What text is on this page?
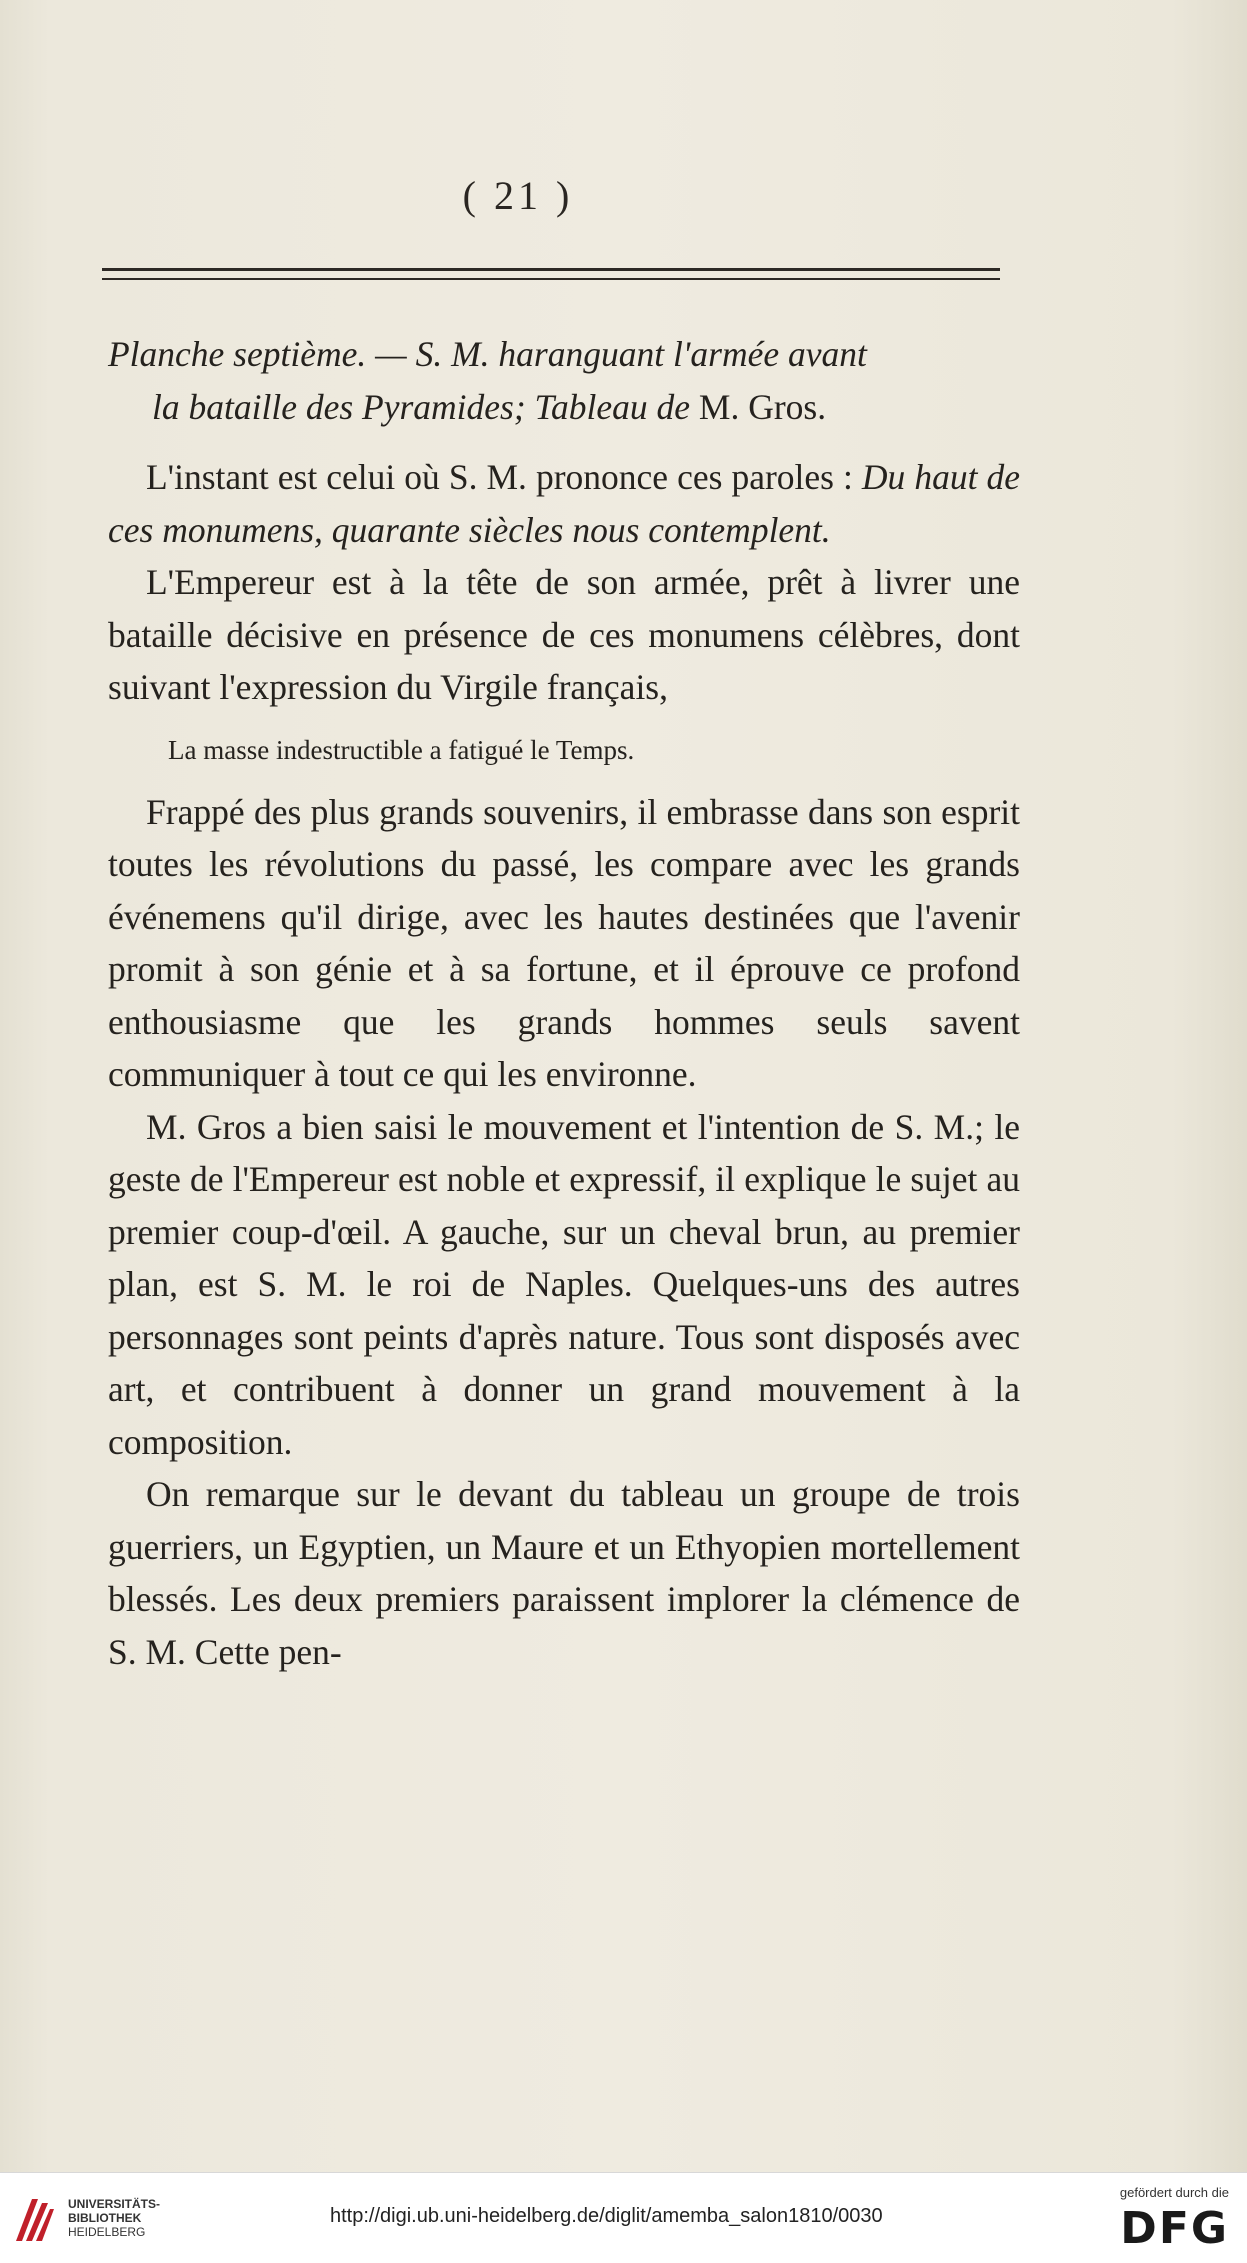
( 21 )

Planche septième. — S. M. haranguant l'armée avant
la bataille des Pyramides; Tableau de M. Gros.

L'instant est celui où S. M. prononce ces paroles : Du haut de ces monumens, quarante siècles nous contemplent.

L'Empereur est à la tête de son armée, prêt à livrer une bataille décisive en présence de ces monumens célèbres, dont suivant l'expression du Virgile français,

La masse indestructible a fatigué le Temps.

Frappé des plus grands souvenirs, il embrasse dans son esprit toutes les révolutions du passé, les compare avec les grands événemens qu'il dirige, avec les hautes destinées que l'avenir promit à son génie et à sa fortune, et il éprouve ce profond enthousiasme que les grands hommes seuls savent communiquer à tout ce qui les environne.

M. Gros a bien saisi le mouvement et l'intention de S. M.; le geste de l'Empereur est noble et expressif, il explique le sujet au premier coup-d'œil. A gauche, sur un cheval brun, au premier plan, est S. M. le roi de Naples. Quelques-uns des autres personnages sont peints d'après nature. Tous sont disposés avec art, et contribuent à donner un grand mouvement à la composition.

On remarque sur le devant du tableau un groupe de trois guerriers, un Egyptien, un Maure et un Ethyopien mortellement blessés. Les deux premiers paraissent implorer la clémence de S. M. Cette pen-

UNIVERSITÄTS-
BIBLIOTHEK
HEIDELBERG
http://digi.ub.uni-heidelberg.de/diglit/amemba_salon1810/0030
gefördert durch die
DFG
